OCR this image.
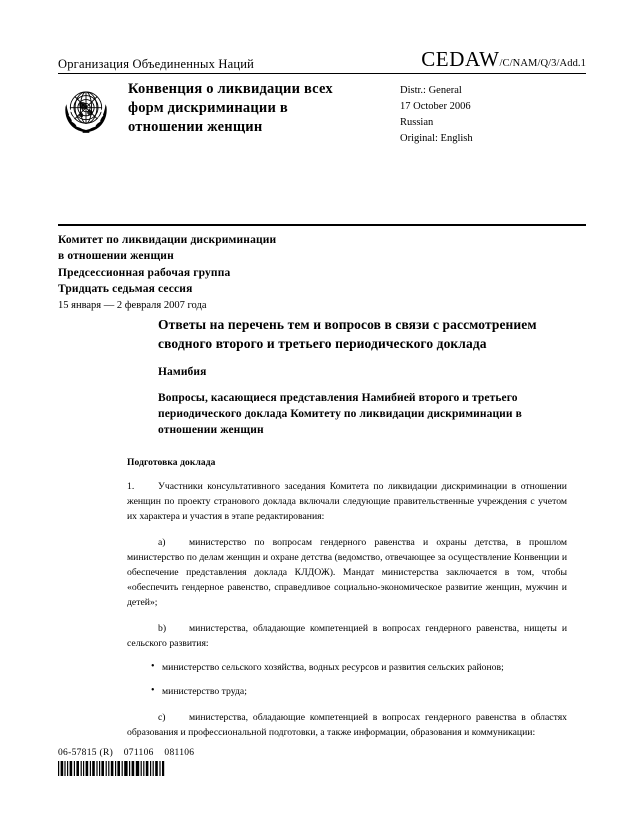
Организация Объединенных Наций	CEDAW /C/NAM/Q/3/Add.1
Конвенция о ликвидации всех форм дискриминации в отношении женщин
Distr.: General
17 October 2006
Russian
Original: English
Комитет по ликвидации дискриминации
в отношении женщин
Предсессионная рабочая группа
Тридцать седьмая сессия
15 января — 2 февраля 2007 года
Ответы на перечень тем и вопросов в связи с рассмотрением сводного второго и третьего периодического доклада
Намибия
Вопросы, касающиеся представления Намибией второго и третьего периодического доклада Комитету по ликвидации дискриминации в отношении женщин
Подготовка доклада
1.	Участники консультативного заседания Комитета по ликвидации дискриминации в отношении женщин по проекту странового доклада включали следующие правительственные учреждения с учетом их характера и участия в этапе редактирования:
a) министерство по вопросам гендерного равенства и охраны детства, в прошлом министерство по делам женщин и охране детства (ведомство, отвечающее за осуществление Конвенции и обеспечение представления доклада КЛДОЖ). Мандат министерства заключается в том, чтобы «обеспечить гендерное равенство, справедливое социально-экономическое развитие женщин, мужчин и детей»;
b) министерства, обладающие компетенцией в вопросах гендерного равенства, нищеты и сельского развития:
• министерство сельского хозяйства, водных ресурсов и развития сельских районов;
• министерство труда;
c) министерства, обладающие компетенцией в вопросах гендерного равенства в областях образования и профессиональной подготовки, а также информации, образования и коммуникации:
06-57815 (R)    071106    081106
